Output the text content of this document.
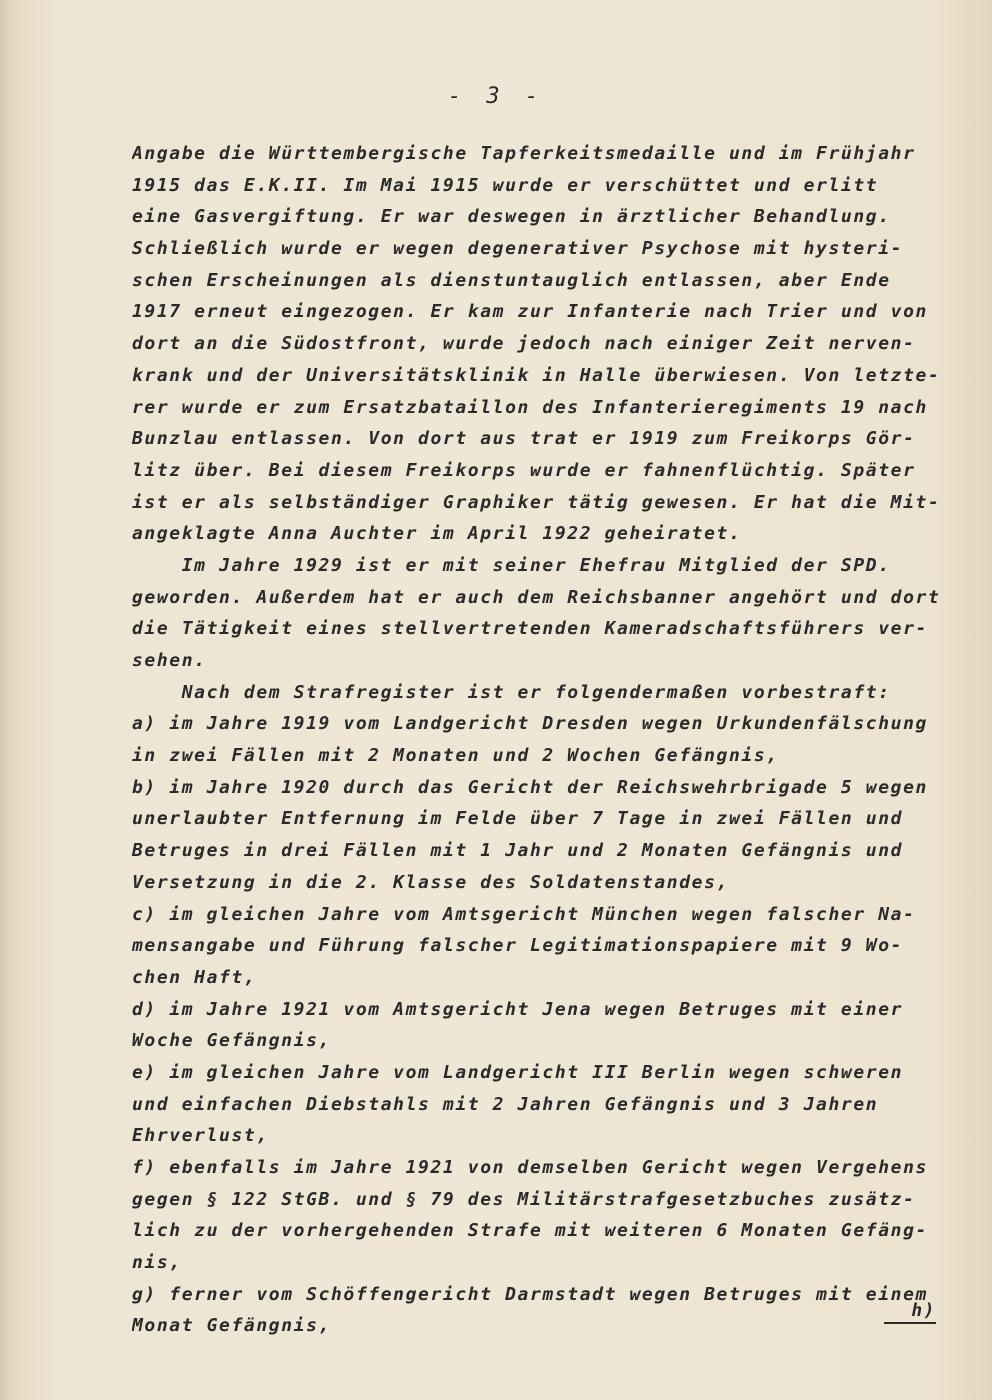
- 3 -
Angabe die Württembergische Tapferkeitsmedaille und im Frühjahr
1915 das E.K.II. Im Mai 1915 wurde er verschüttet und erlitt
eine Gasvergiftung. Er war deswegen in ärztlicher Behandlung.
Schließlich wurde er wegen degenerativer Psychose mit hysteri-
schen Erscheinungen als dienstuntauglich entlassen, aber Ende
1917 erneut eingezogen. Er kam zur Infanterie nach Trier und von
dort an die Südostfront, wurde jedoch nach einiger Zeit nerven-
krank und der Universitätsklinik in Halle überwiesen. Von letzte-
rer wurde er zum Ersatzbataillon des Infanterieregiments 19 nach
Bunzlau entlassen. Von dort aus trat er 1919 zum Freikorps Gör-
litz über. Bei diesem Freikorps wurde er fahnenflüchtig. Später
ist er als selbständiger Graphiker tätig gewesen. Er hat die Mit-
angeklagte Anna Auchter im April 1922 geheiratet.
Im Jahre 1929 ist er mit seiner Ehefrau Mitglied der SPD.
geworden. Außerdem hat er auch dem Reichsbanner angehört und dort
die Tätigkeit eines stellvertretenden Kameradschaftsführers ver-
sehen.
Nach dem Strafregister ist er folgendermaßen vorbestraft:
a) im Jahre 1919 vom Landgericht Dresden wegen Urkundenfälschung
in zwei Fällen mit 2 Monaten und 2 Wochen Gefängnis,
b) im Jahre 1920 durch das Gericht der Reichswehrbrigade 5 wegen
unerlaubter Entfernung im Felde über 7 Tage in zwei Fällen und
Betruges in drei Fällen mit 1 Jahr und 2 Monaten Gefängnis und
Versetzung in die 2. Klasse des Soldatenstandes,
c) im gleichen Jahre vom Amtsgericht München wegen falscher Na-
mensangabe und Führung falscher Legitimationspapiere mit 9 Wo-
chen Haft,
d) im Jahre 1921 vom Amtsgericht Jena wegen Betruges mit einer
Woche Gefängnis,
e) im gleichen Jahre vom Landgericht III Berlin wegen schweren
und einfachen Diebstahls mit 2 Jahren Gefängnis und 3 Jahren
Ehrverlust,
f) ebenfalls im Jahre 1921 von demselben Gericht wegen Vergehens
gegen § 122 StGB. und § 79 des Militärstrafgesetzbuches zusätz-
lich zu der vorhergehenden Strafe mit weiteren 6 Monaten Gefäng-
nis,
g) ferner vom Schöffengericht Darmstadt wegen Betruges mit einem
Monat Gefängnis,
h)
